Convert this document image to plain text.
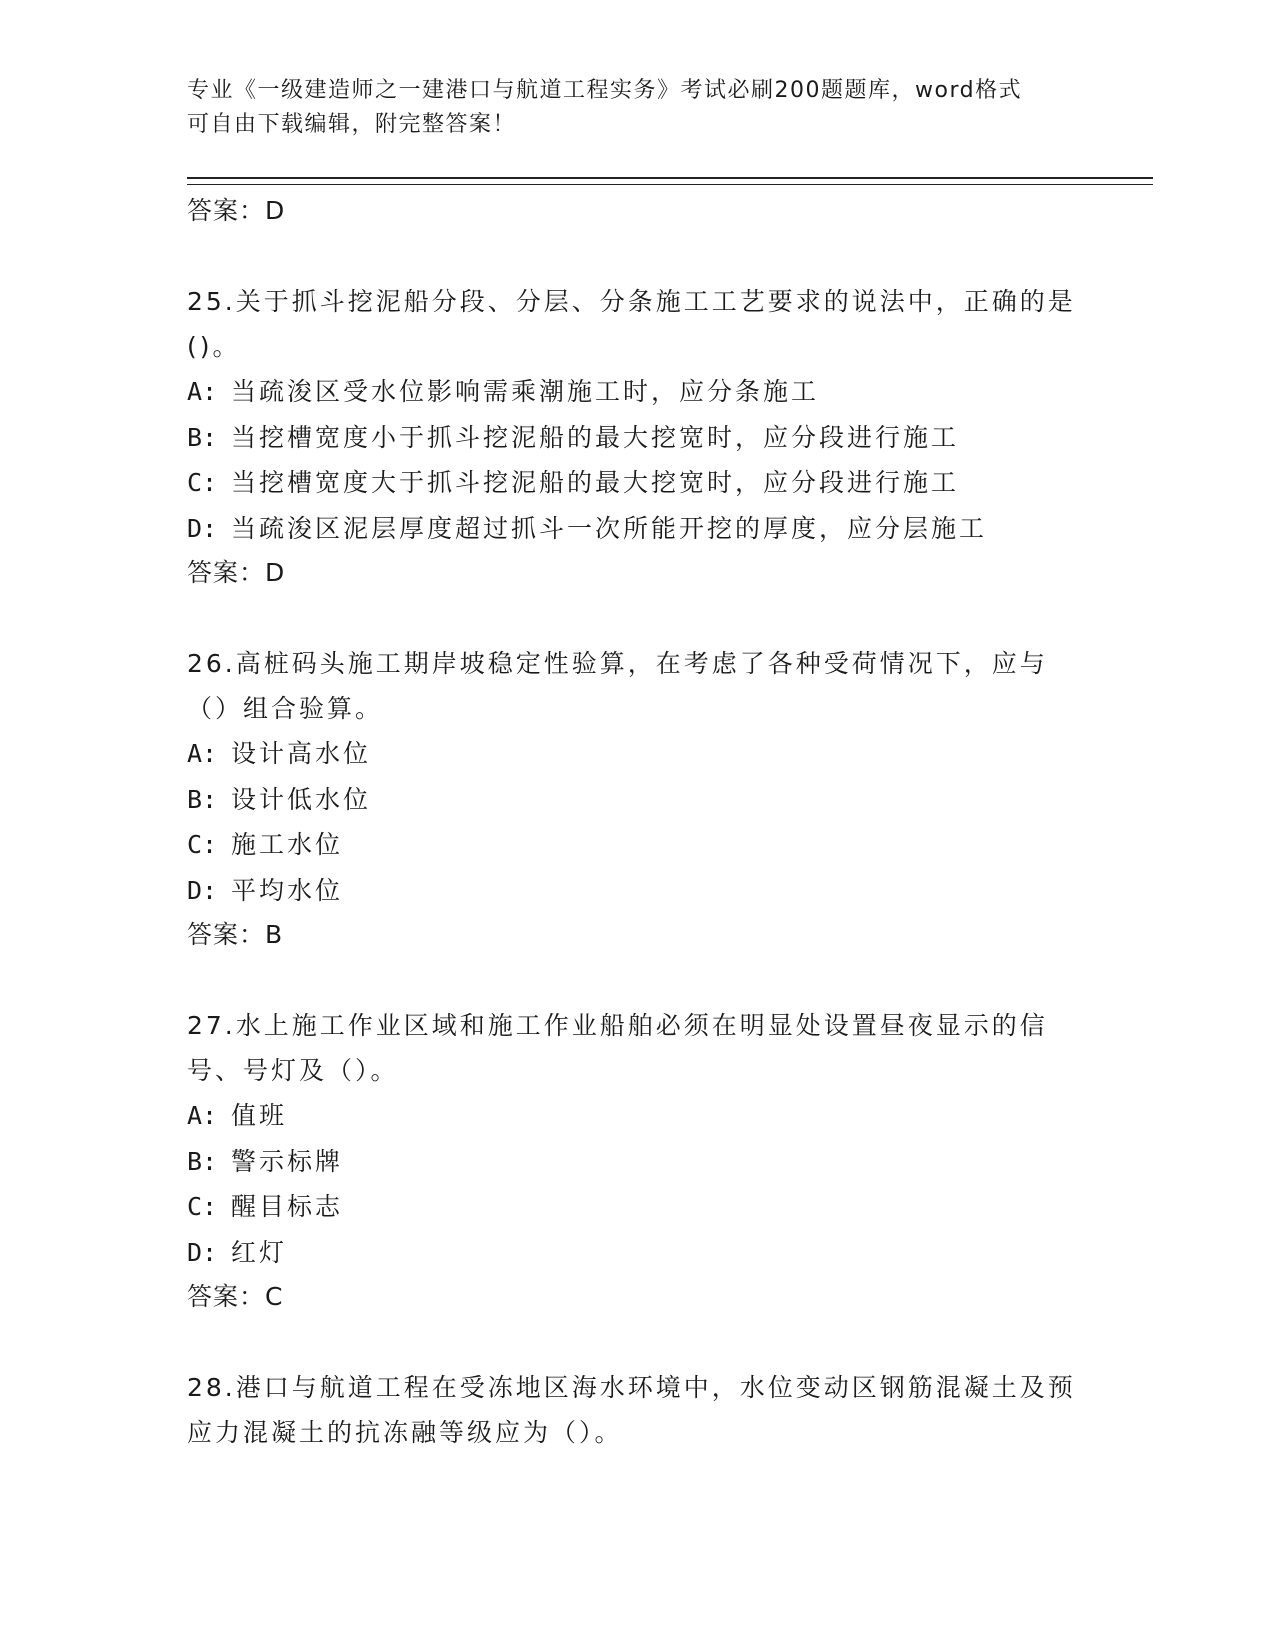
专业《一级建造师之一建港口与航道工程实务》考试必刷200题题库，word格式
可自由下载编辑，附完整答案！
答案：D
25.关于抓斗挖泥船分段、分层、分条施工工艺要求的说法中，正确的是()。
A: 当疏浚区受水位影响需乘潮施工时，应分条施工
B: 当挖槽宽度小于抓斗挖泥船的最大挖宽时，应分段进行施工
C: 当挖槽宽度大于抓斗挖泥船的最大挖宽时，应分段进行施工
D: 当疏浚区泥层厚度超过抓斗一次所能开挖的厚度，应分层施工
答案：D
26.高桩码头施工期岸坡稳定性验算，在考虑了各种受荷情况下，应与（）组合验算。
A: 设计高水位
B: 设计低水位
C: 施工水位
D: 平均水位
答案：B
27.水上施工作业区域和施工作业船舶必须在明显处设置昼夜显示的信号、号灯及（）。
A: 值班
B: 警示标牌
C: 醒目标志
D: 红灯
答案：C
28.港口与航道工程在受冻地区海水环境中，水位变动区钢筋混凝土及预应力混凝土的抗冻融等级应为（）。
